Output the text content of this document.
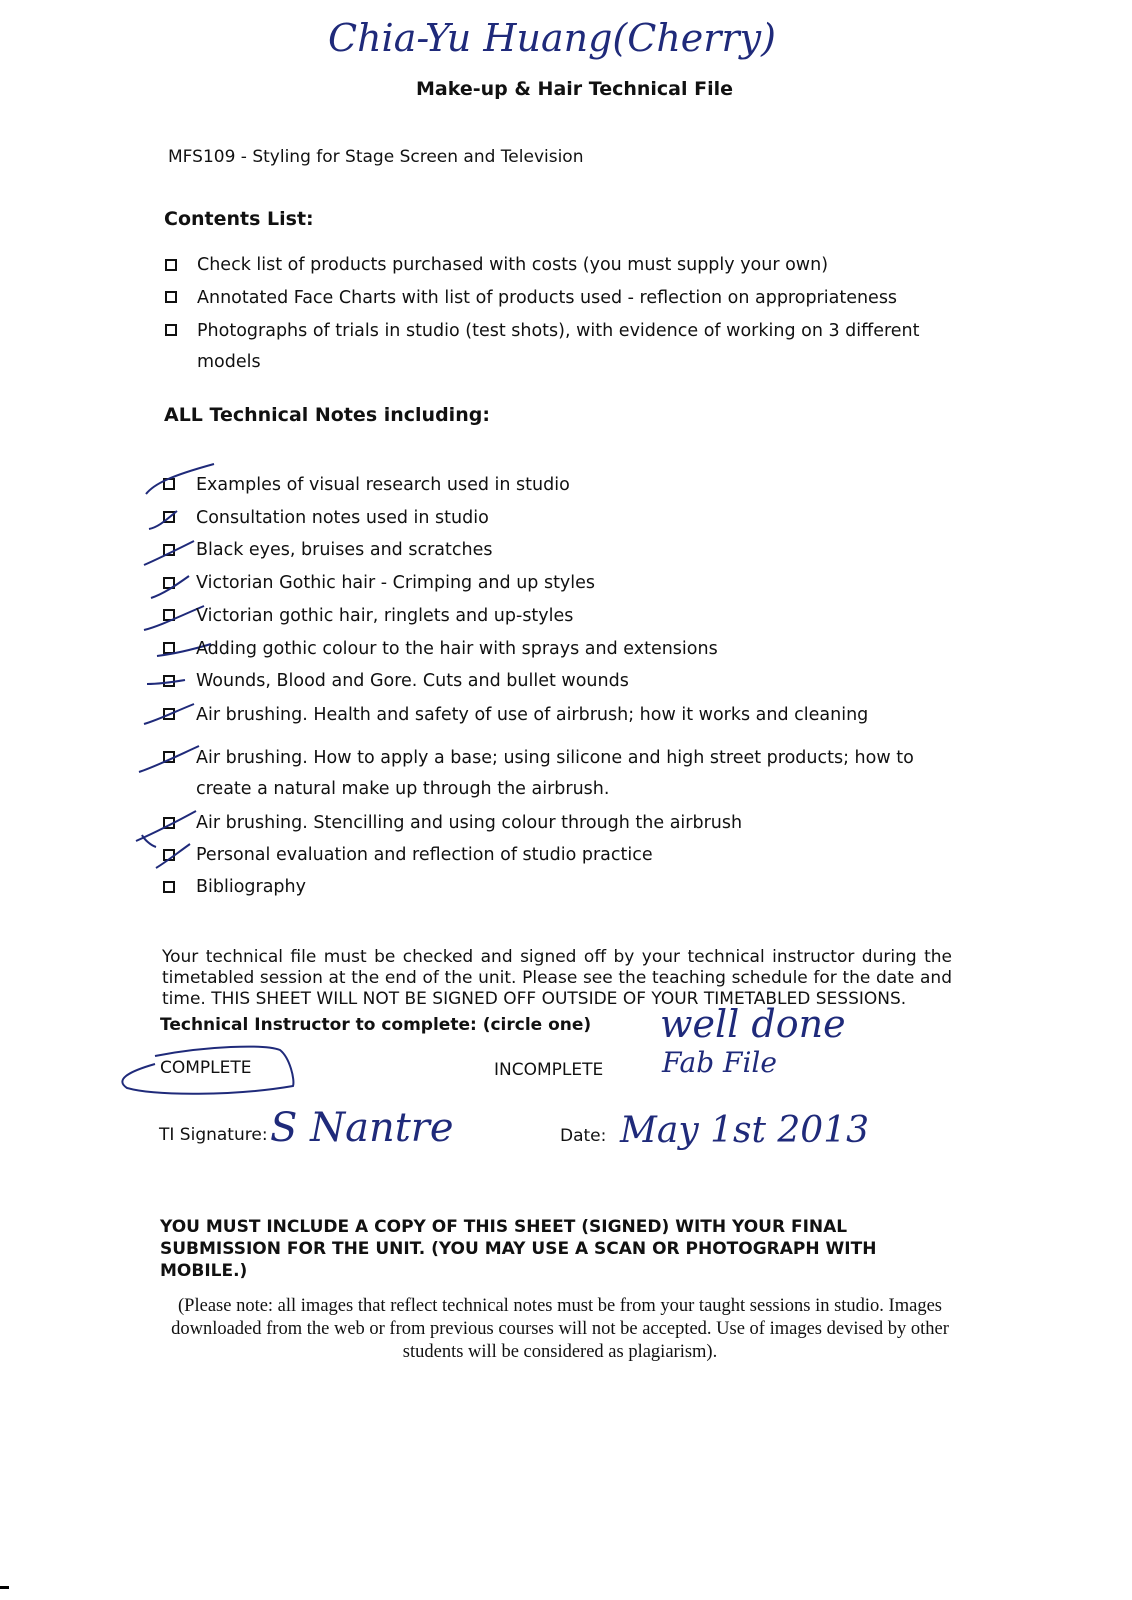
Chia-Yu Huang(Cherry)
Make-up & Hair Technical File
MFS109 - Styling for Stage Screen and Television
Contents List:
Check list of products purchased with costs (you must supply your own)
Annotated Face Charts with list of products used - reflection on appropriateness
Photographs of trials in studio (test shots), with evidence of working on 3 different
models
ALL Technical Notes including:
Examples of visual research used in studio
Consultation notes used in studio
Black eyes, bruises and scratches
Victorian Gothic hair - Crimping and up styles
Victorian gothic hair, ringlets and up-styles
Adding gothic colour to the hair with sprays and extensions
Wounds, Blood and Gore. Cuts and bullet wounds
Air brushing. Health and safety of use of airbrush; how it works and cleaning
Air brushing. How to apply a base; using silicone and high street products; how to
create a natural make up through the airbrush.
Air brushing. Stencilling and using colour through the airbrush
Personal evaluation and reflection of studio practice
Bibliography
Your technical file must be checked and signed off by your technical instructor during the timetabled session at the end of the unit. Please see the teaching schedule for the date and time. THIS SHEET WILL NOT BE SIGNED OFF OUTSIDE OF YOUR TIMETABLED SESSIONS.
Technical Instructor to complete: (circle one) well done
Fab File
COMPLETE	INCOMPLETE
TI Signature: S Nantre	Date: May 1st 2013
YOU MUST INCLUDE A COPY OF THIS SHEET (SIGNED) WITH YOUR FINAL SUBMISSION FOR THE UNIT. (YOU MAY USE A SCAN OR PHOTOGRAPH WITH MOBILE.)
(Please note: all images that reflect technical notes must be from your taught sessions in studio. Images downloaded from the web or from previous courses will not be accepted. Use of images devised by other students will be considered as plagiarism).
